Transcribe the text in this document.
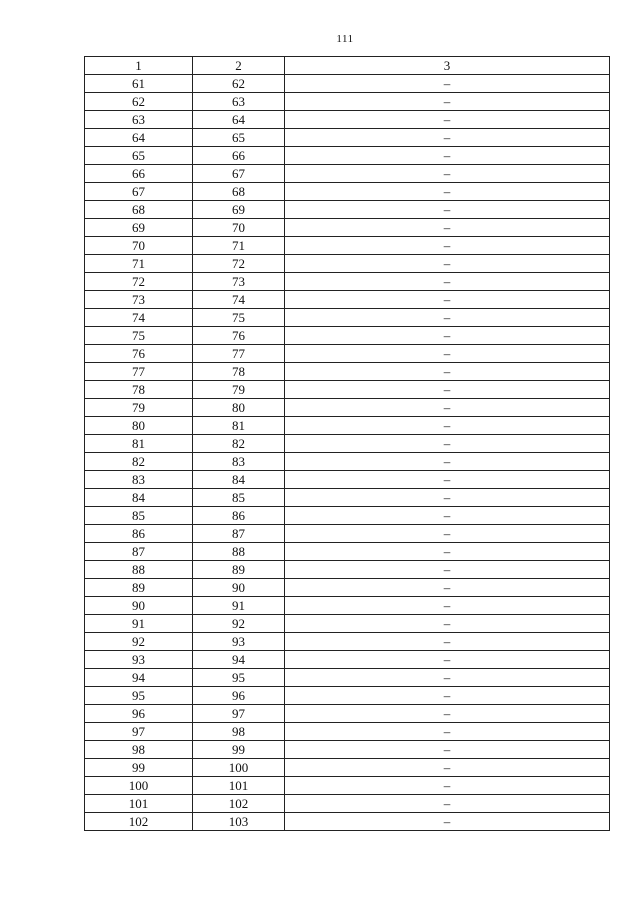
111
1	2	3
61	62	–
62	63	–
63	64	–
64	65	–
65	66	–
66	67	–
67	68	–
68	69	–
69	70	–
70	71	–
71	72	–
72	73	–
73	74	–
74	75	–
75	76	–
76	77	–
77	78	–
78	79	–
79	80	–
80	81	–
81	82	–
82	83	–
83	84	–
84	85	–
85	86	–
86	87	–
87	88	–
88	89	–
89	90	–
90	91	–
91	92	–
92	93	–
93	94	–
94	95	–
95	96	–
96	97	–
97	98	–
98	99	–
99	100	–
100	101	–
101	102	–
102	103	–
